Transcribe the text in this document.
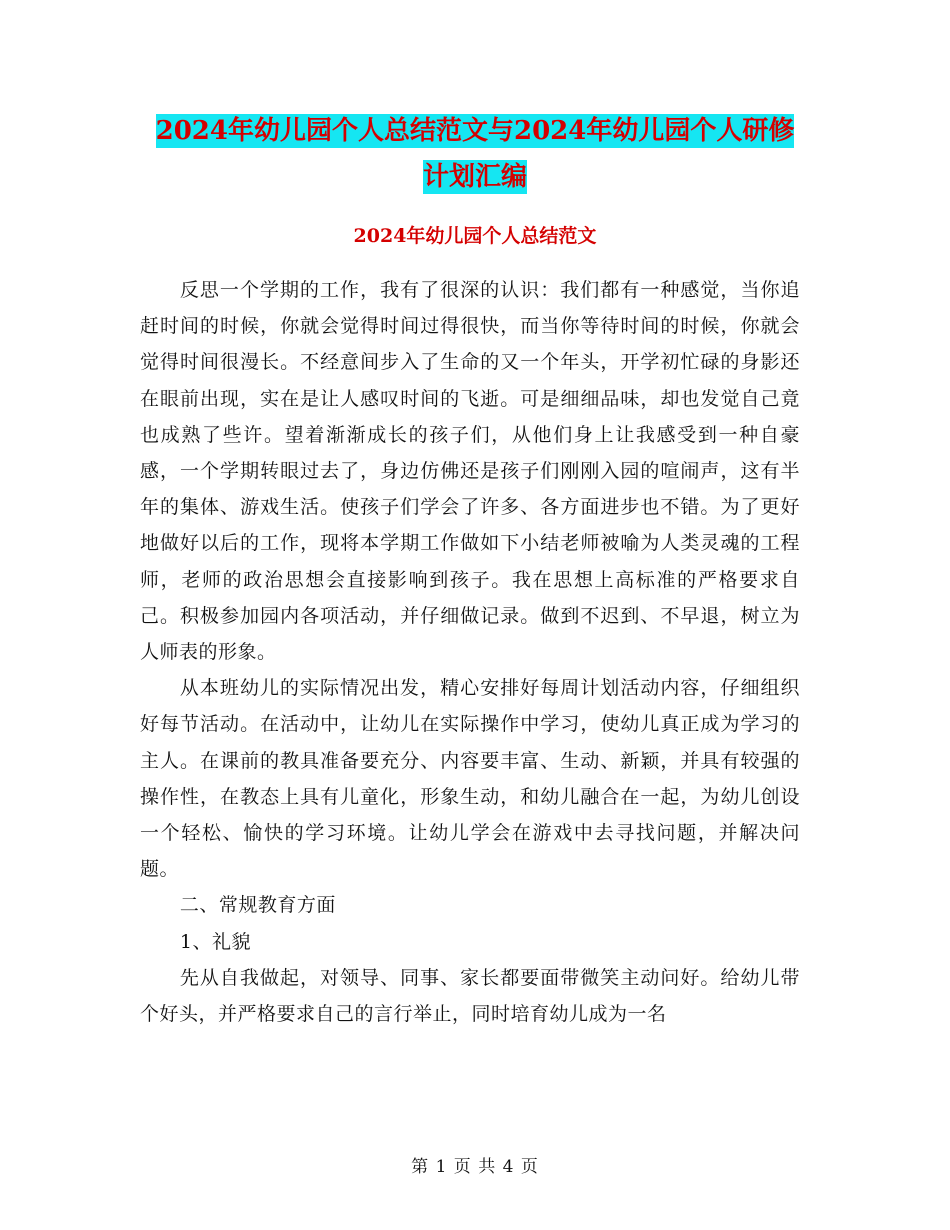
2024年幼儿园个人总结范文与2024年幼儿园个人研修
计划汇编
2024年幼儿园个人总结范文

反思一个学期的工作，我有了很深的认识：我们都有一种感觉，当你追赶时间的时候，你就会觉得时间过得很快，而当你等待时间的时候，你就会觉得时间很漫长。不经意间步入了生命的又一个年头，开学初忙碌的身影还在眼前出现，实在是让人感叹时间的飞逝。可是细细品味，却也发觉自己竟也成熟了些许。望着渐渐成长的孩子们，从他们身上让我感受到一种自豪感，一个学期转眼过去了，身边仿佛还是孩子们刚刚入园的喧闹声，这有半年的集体、游戏生活。使孩子们学会了许多、各方面进步也不错。为了更好地做好以后的工作，现将本学期工作做如下小结老师被喻为人类灵魂的工程师，老师的政治思想会直接影响到孩子。我在思想上高标准的严格要求自己。积极参加园内各项活动，并仔细做记录。做到不迟到、不早退，树立为人师表的形象。

从本班幼儿的实际情况出发，精心安排好每周计划活动内容，仔细组织好每节活动。在活动中，让幼儿在实际操作中学习，使幼儿真正成为学习的主人。在课前的教具准备要充分、内容要丰富、生动、新颖，并具有较强的操作性，在教态上具有儿童化，形象生动，和幼儿融合在一起，为幼儿创设一个轻松、愉快的学习环境。让幼儿学会在游戏中去寻找问题，并解决问题。

二、常规教育方面

1、礼貌

先从自我做起，对领导、同事、家长都要面带微笑主动问好。给幼儿带个好头，并严格要求自己的言行举止，同时培育幼儿成为一名

第 1 页 共 4 页
